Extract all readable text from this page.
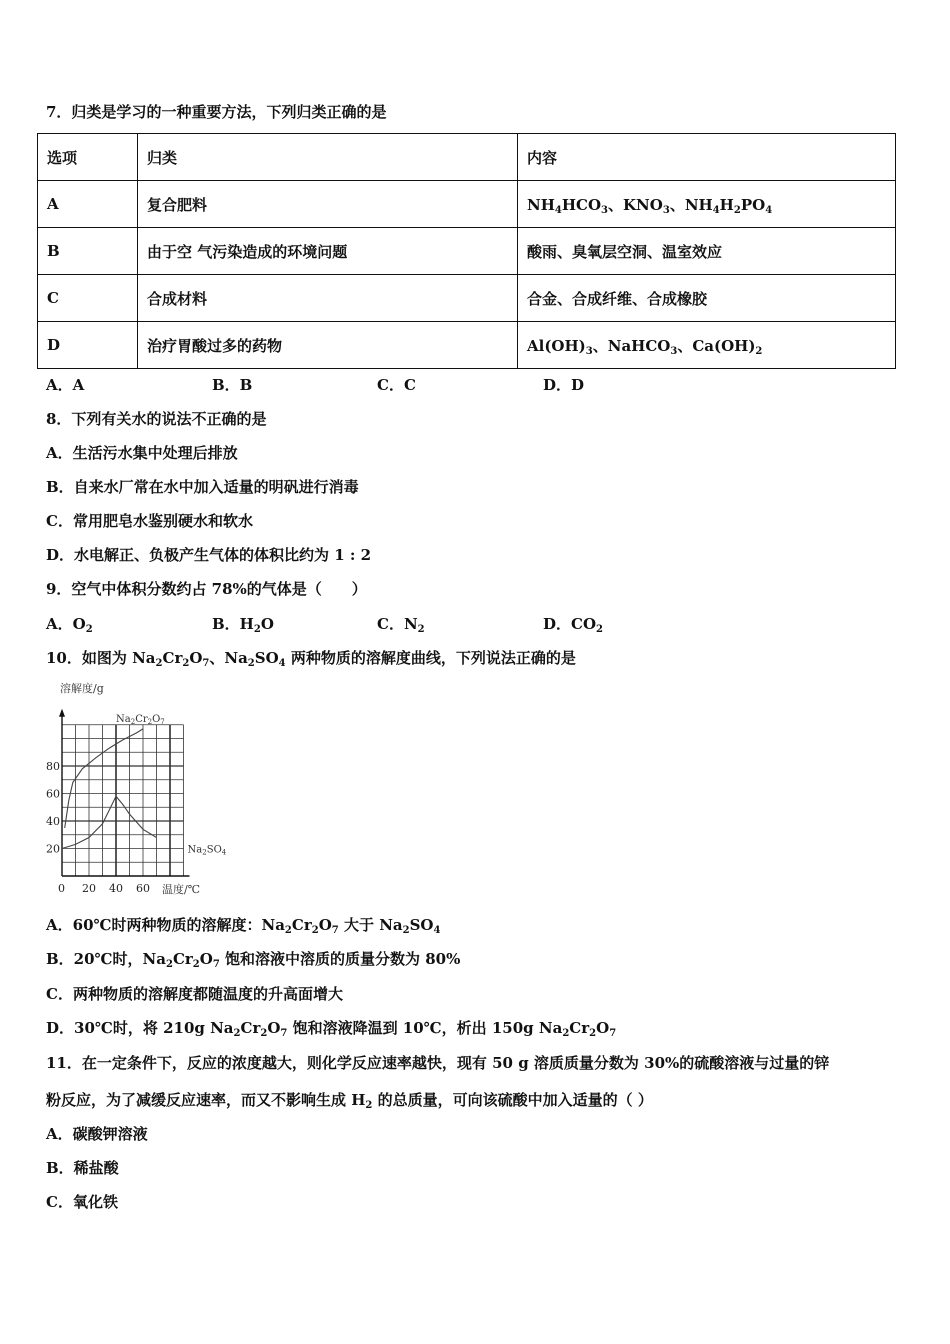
7．归类是学习的一种重要方法，下列归类正确的是
选项	归类	内容
A	复合肥料	$NH_4HCO_3$、$KNO_3$、$NH_4H_2PO_4$
B	由于空 气污染造成的环境问题	酸雨、臭氧层空洞、温室效应
C	合成材料	合金、合成纤维、合成橡胶
D	治疗胃酸过多的药物	$Al(OH)_3$、NaHCO$_3$、$Ca(OH)_2$
A．A	B．B	C．C	D．D
8．下列有关水的说法不正确的是
A．生活污水集中处理后排放
B．自来水厂常在水中加入适量的明矾进行消毒
C．常用肥皂水鉴别硬水和软水
D．水电解正、负极产生气体的体积比约为 1 : 2
9．空气中体积分数约占 78%的气体是（　　）
A．$O_2$	B．$H_2O$	C．$N_2$	D．$CO_2$
10．如图为 $Na_2Cr_2O_7$、$Na_2SO_4$ 两种物质的溶解度曲线，下列说法正确的是
20
40
60
80
0 20 40 60
$Na_2Cr_2O_7$
$Na_2SO_4$
溶解度/g
温度/℃
A．60℃时两种物质的溶解度：$Na_2Cr_2O_7$ 大于 $Na_2SO_4$
B．20℃时，$Na_2Cr_2O_7$ 饱和溶液中溶质的质量分数为 80%
C．两种物质的溶解度都随温度的升高面增大
D．30℃时，将 210g $Na_2Cr_2O_7$ 饱和溶液降温到 10℃，析出 150g $Na_2Cr_2O_7$
11．在一定条件下，反应的浓度越大，则化学反应速率越快，现有 50 g 溶质质量分数为 30%的硫酸溶液与过量的锌
粉反应，为了减缓反应速率，而又不影响生成 $H_2$ 的总质量，可向该硫酸中加入适量的（ ）
A．碳酸钾溶液
B．稀盐酸
C．氧化铁
